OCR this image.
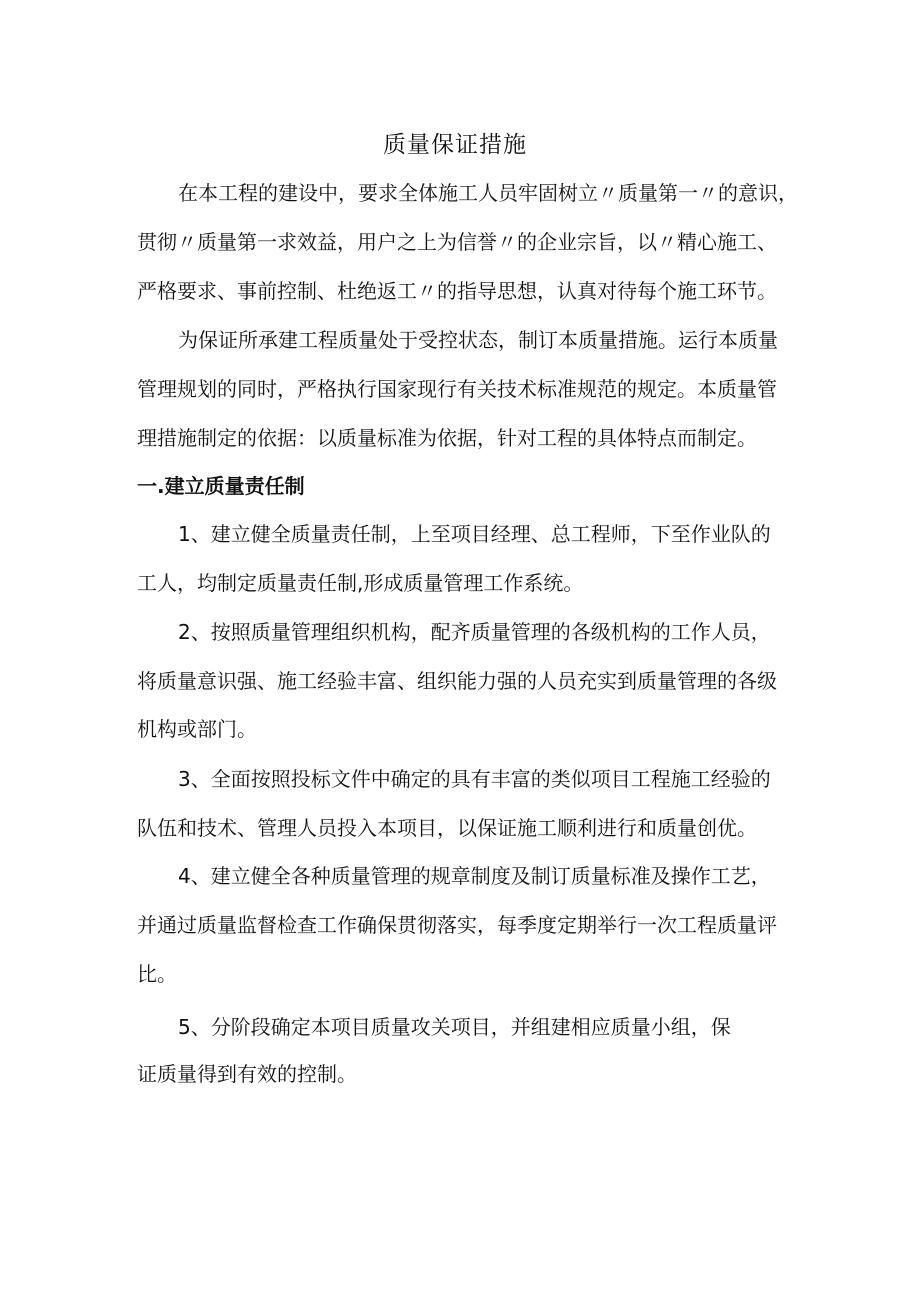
质量保证措施
在本工程的建设中，要求全体施工人员牢固树立〃质量第一〃的意识，
贯彻〃质量第一求效益，用户之上为信誉〃的企业宗旨，以〃精心施工、
严格要求、事前控制、杜绝返工〃的指导思想，认真对待每个施工环节。
为保证所承建工程质量处于受控状态，制订本质量措施。运行本质量
管理规划的同时，严格执行国家现行有关技术标准规范的规定。本质量管
理措施制定的依据：以质量标准为依据，针对工程的具体特点而制定。
一.建立质量责任制
1、建立健全质量责任制，上至项目经理、总工程师，下至作业队的
工人，均制定质量责任制,形成质量管理工作系统。
2、按照质量管理组织机构，配齐质量管理的各级机构的工作人员，
将质量意识强、施工经验丰富、组织能力强的人员充实到质量管理的各级
机构或部门。
3、全面按照投标文件中确定的具有丰富的类似项目工程施工经验的
队伍和技术、管理人员投入本项目，以保证施工顺利进行和质量创优。
4、建立健全各种质量管理的规章制度及制订质量标准及操作工艺，
并通过质量监督检查工作确保贯彻落实，每季度定期举行一次工程质量评
比。
5、分阶段确定本项目质量攻关项目，并组建相应质量小组，保
证质量得到有效的控制。
